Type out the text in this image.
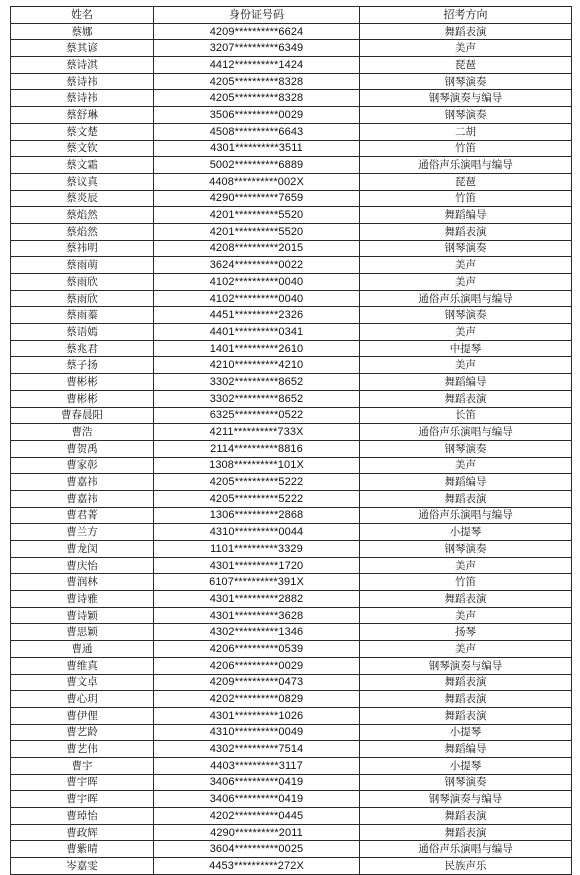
姓名	身份证号码	招考方向
蔡娜	4209**********6624	舞蹈表演
蔡其谚	3207**********6349	美声
蔡诗淇	4412**********1424	琵琶
蔡诗祎	4205**********8328	钢琴演奏
蔡诗祎	4205**********8328	钢琴演奏与编导
蔡舒琳	3506**********0029	钢琴演奏
蔡文楚	4508**********6643	二胡
蔡文钦	4301**********3511	竹笛
蔡文霜	5002**********6889	通俗声乐演唱与编导
蔡议真	4408**********002X	琵琶
蔡炎辰	4290**********7659	竹笛
蔡焰然	4201**********5520	舞蹈编导
蔡焰然	4201**********5520	舞蹈表演
蔡祎明	4208**********2015	钢琴演奏
蔡雨萌	3624**********0022	美声
蔡雨欣	4102**********0040	美声
蔡雨欣	4102**********0040	通俗声乐演唱与编导
蔡雨蓁	4451**********2326	钢琴演奏
蔡语嫣	4401**********0341	美声
蔡兆君	1401**********2610	中提琴
蔡子扬	4210**********4210	美声
曹彬彬	3302**********8652	舞蹈编导
曹彬彬	3302**********8652	舞蹈表演
曹春晨阳	6325**********0522	长笛
曹浩	4211**********733X	通俗声乐演唱与编导
曹贺禹	2114**********8816	钢琴演奏
曹家彰	1308**********101X	美声
曹嘉祎	4205**********5222	舞蹈编导
曹嘉祎	4205**********5222	舞蹈表演
曹君菁	1306**********2868	通俗声乐演唱与编导
曹兰方	4310**********0044	小提琴
曹龙闵	1101**********3329	钢琴演奏
曹庆怡	4301**********1720	美声
曹润林	6107**********391X	竹笛
曹诗雅	4301**********2882	舞蹈表演
曹诗颖	4301**********3628	美声
曹思颖	4302**********1346	扬琴
曹通	4206**********0539	美声
曹维真	4206**********0029	钢琴演奏与编导
曹文卓	4209**********0473	舞蹈表演
曹心玥	4202**********0829	舞蹈表演
曹伊俚	4301**********1026	舞蹈表演
曹艺龄	4310**********0049	小提琴
曹艺伟	4302**********7514	舞蹈编导
曹宇	4403**********3117	小提琴
曹宇晖	3406**********0419	钢琴演奏
曹宇晖	3406**********0419	钢琴演奏与编导
曹琸怡	4202**********0445	舞蹈表演
曹政辉	4290**********2011	舞蹈表演
曹紫晴	3604**********0025	通俗声乐演唱与编导
岑嘉雯	4453**********272X	民族声乐
